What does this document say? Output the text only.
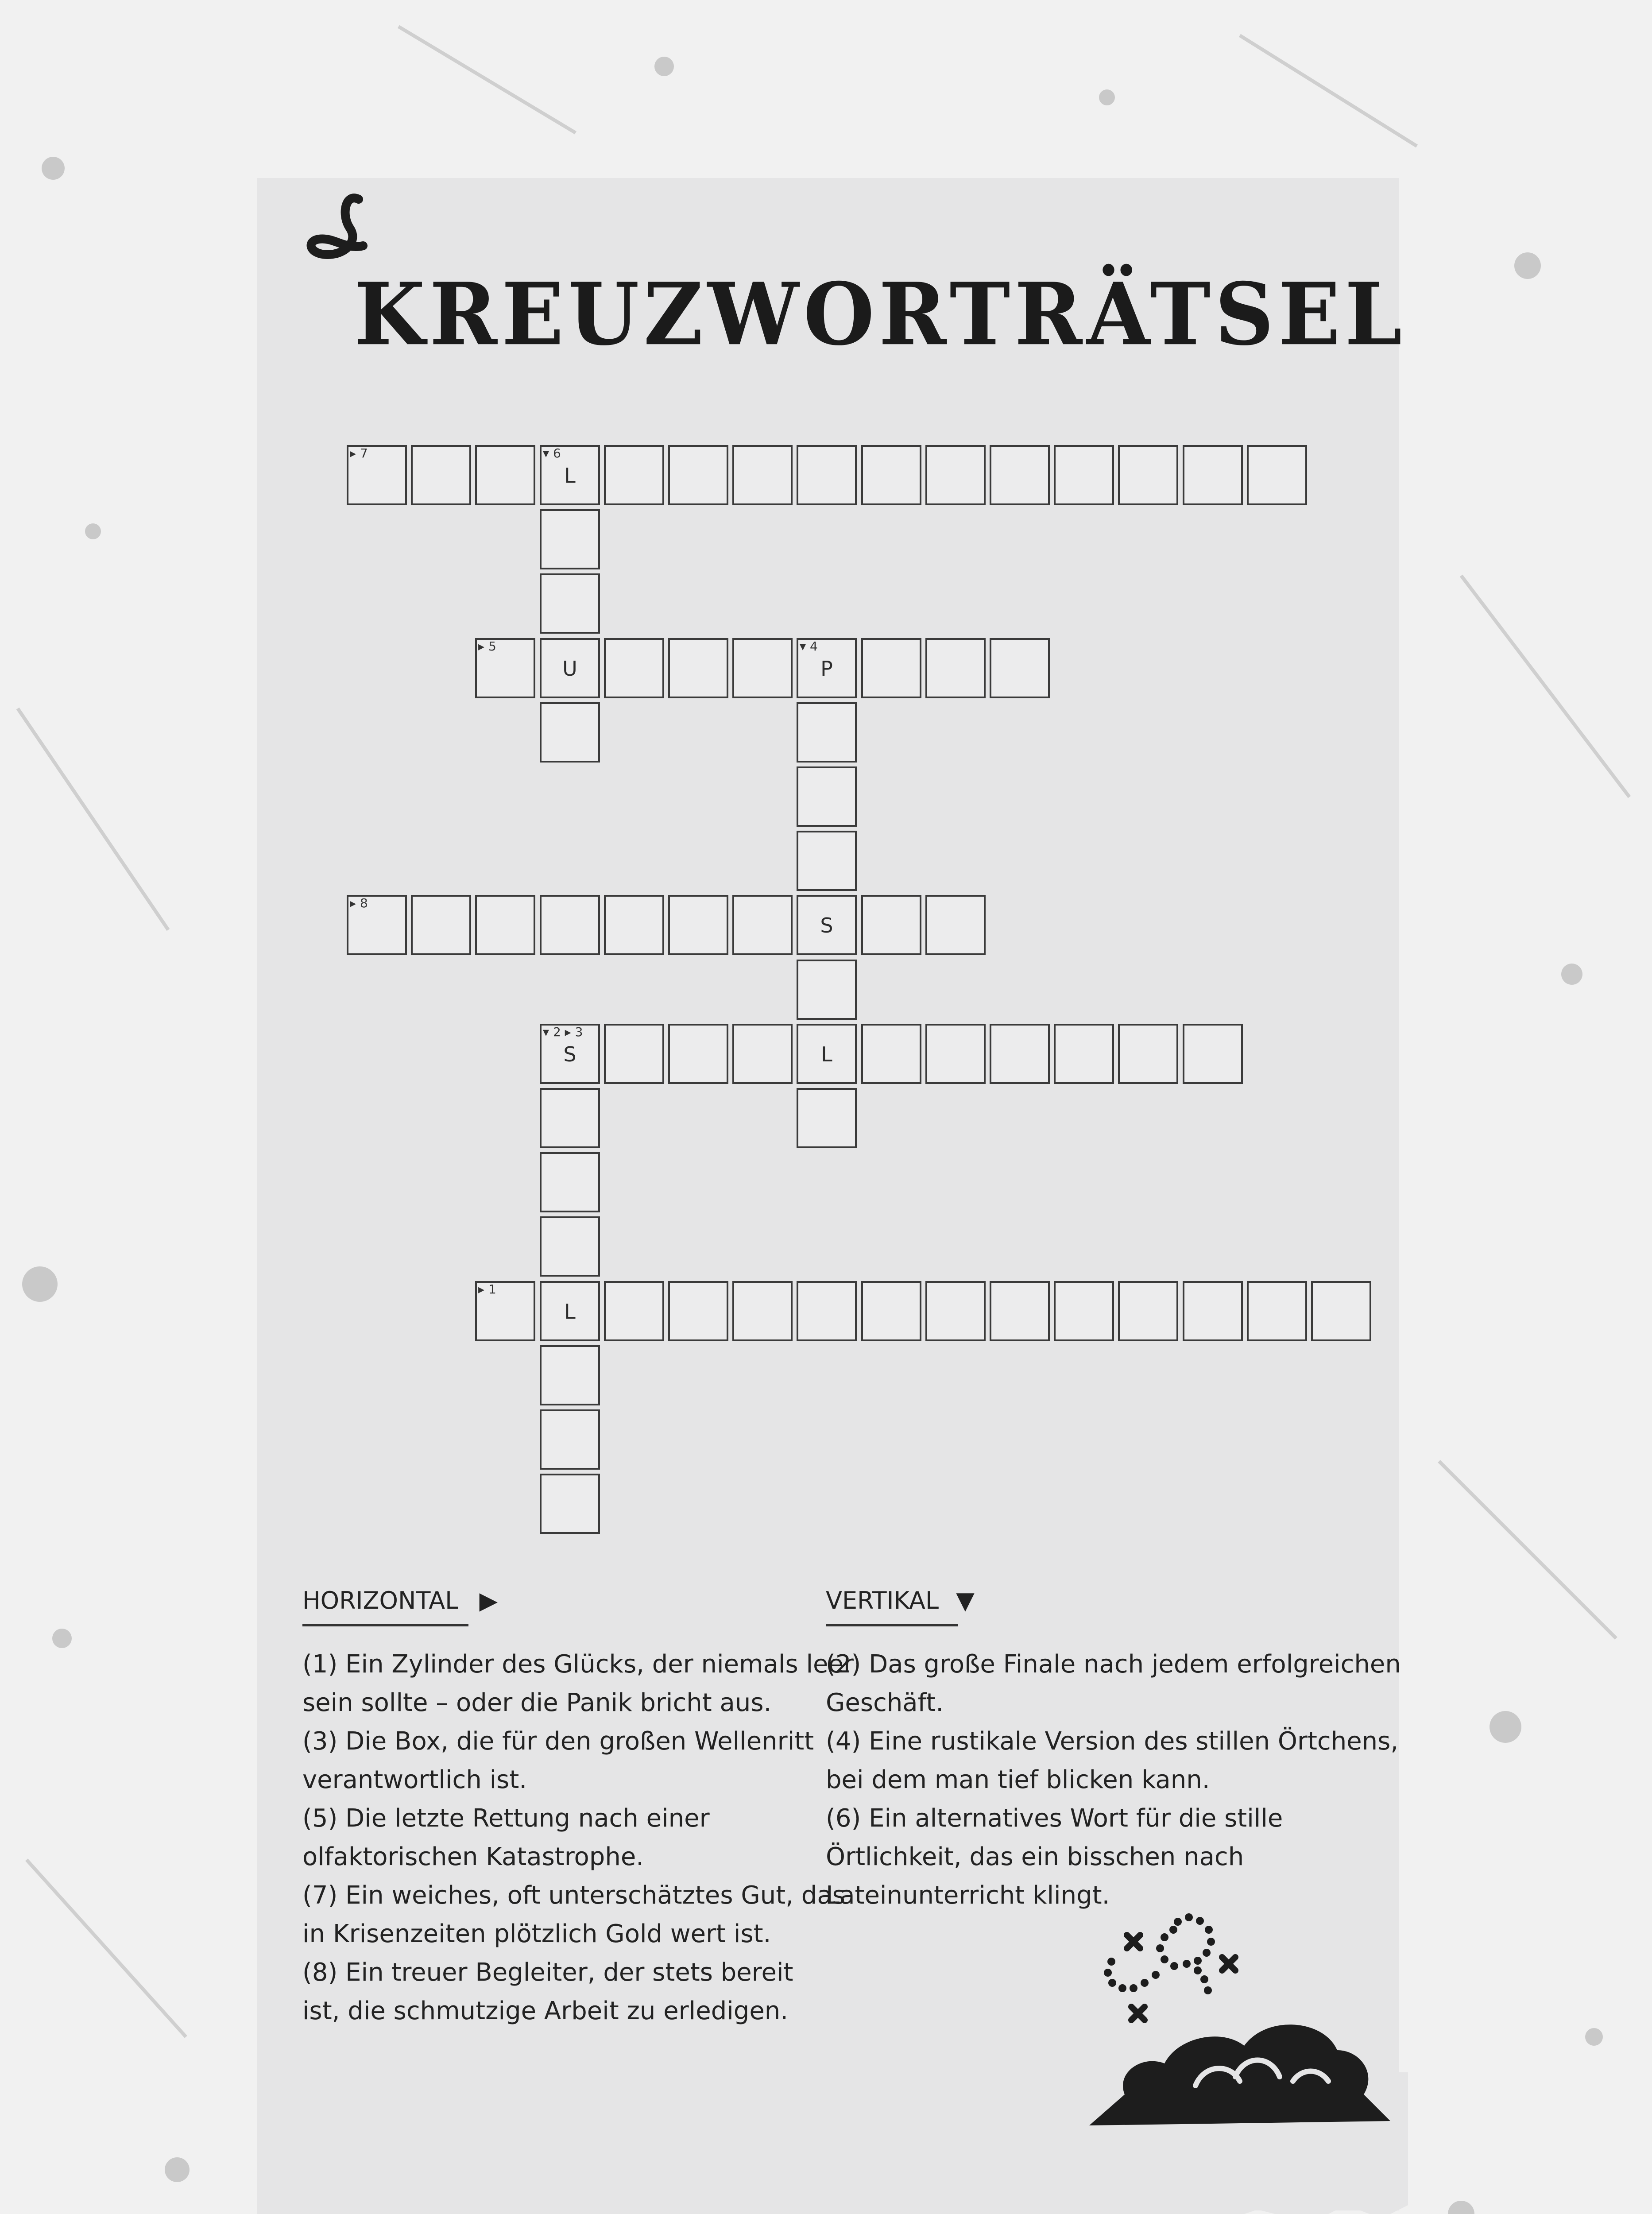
KREUZWORTRÄTSEL
▸ 7	▾ 6
L
▸ 5
U
▾ 4
P
▸ 8
S
▾ 2 ▸ 3
S	L
▸ 1
L
HORIZONTAL ▶	VERTIKAL ▼

(1) Ein Zylinder des Glücks, der niemals leer

sein sollte – oder die Panik bricht aus.

(3) Die Box, die für den großen Wellenritt

verantwortlich ist.

(5) Die letzte Rettung nach einer

olfaktorischen Katastrophe.

(7) Ein weiches, oft unterschätztes Gut, das

in Krisenzeiten plötzlich Gold wert ist.

(8) Ein treuer Begleiter, der stets bereit

ist, die schmutzige Arbeit zu erledigen.

(2) Das große Finale nach jedem erfolgreichen

Geschäft.

(4) Eine rustikale Version des stillen Örtchens,

bei dem man tief blicken kann.

(6) Ein alternatives Wort für die stille

Örtlichkeit, das ein bisschen nach

Lateinunterricht klingt.
